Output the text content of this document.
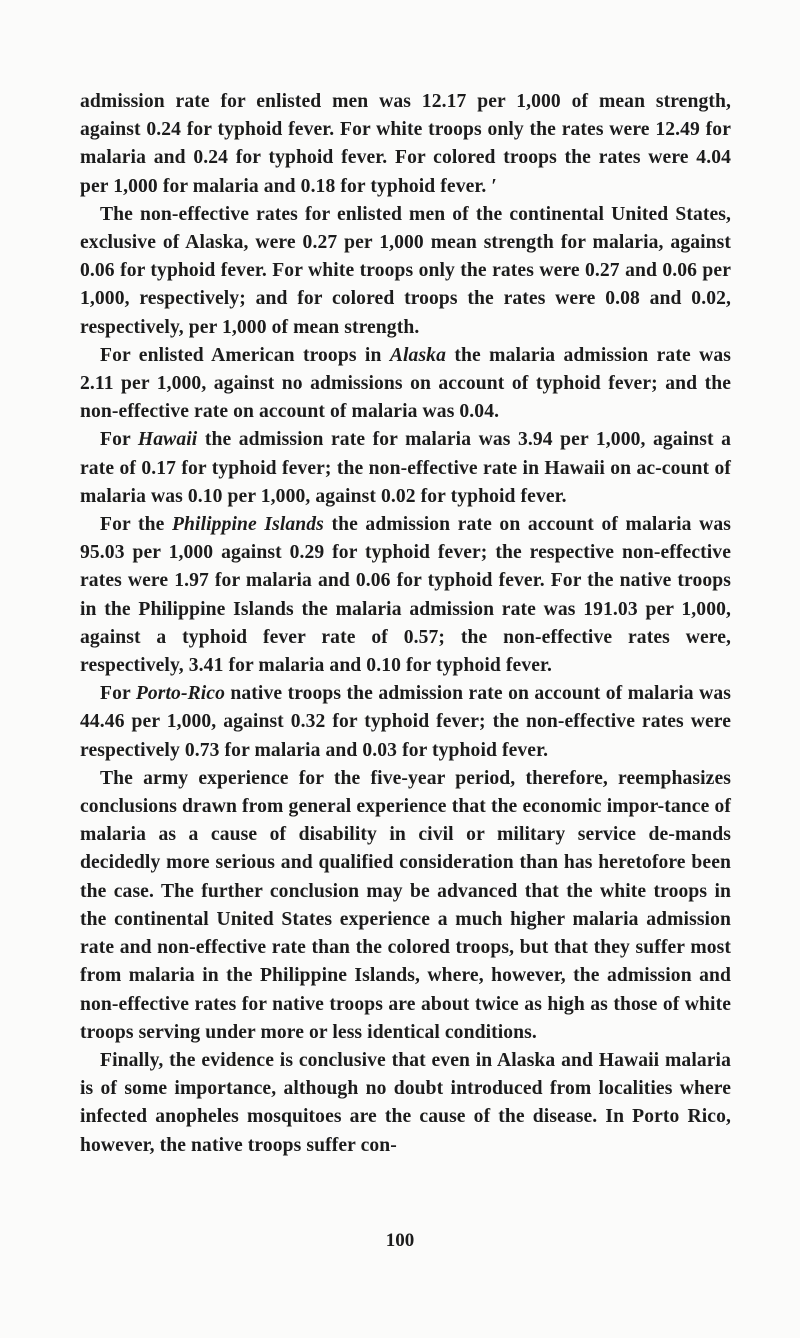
admission rate for enlisted men was 12.17 per 1,000 of mean strength, against 0.24 for typhoid fever. For white troops only the rates were 12.49 for malaria and 0.24 for typhoid fever. For colored troops the rates were 4.04 per 1,000 for malaria and 0.18 for typhoid fever. ′

The non-effective rates for enlisted men of the continental United States, exclusive of Alaska, were 0.27 per 1,000 mean strength for malaria, against 0.06 for typhoid fever. For white troops only the rates were 0.27 and 0.06 per 1,000, respectively; and for colored troops the rates were 0.08 and 0.02, respectively, per 1,000 of mean strength.

For enlisted American troops in Alaska the malaria admission rate was 2.11 per 1,000, against no admissions on account of typhoid fever; and the non-effective rate on account of malaria was 0.04.

For Hawaii the admission rate for malaria was 3.94 per 1,000, against a rate of 0.17 for typhoid fever; the non-effective rate in Hawaii on ac-count of malaria was 0.10 per 1,000, against 0.02 for typhoid fever.

For the Philippine Islands the admission rate on account of malaria was 95.03 per 1,000 against 0.29 for typhoid fever; the respective non-effective rates were 1.97 for malaria and 0.06 for typhoid fever. For the native troops in the Philippine Islands the malaria admission rate was 191.03 per 1,000, against a typhoid fever rate of 0.57; the non-effective rates were, respectively, 3.41 for malaria and 0.10 for typhoid fever.

For Porto-Rico native troops the admission rate on account of malaria was 44.46 per 1,000, against 0.32 for typhoid fever; the non-effective rates were respectively 0.73 for malaria and 0.03 for typhoid fever.

The army experience for the five-year period, therefore, reemphasizes conclusions drawn from general experience that the economic impor-tance of malaria as a cause of disability in civil or military service de-mands decidedly more serious and qualified consideration than has heretofore been the case. The further conclusion may be advanced that the white troops in the continental United States experience a much higher malaria admission rate and non-effective rate than the colored troops, but that they suffer most from malaria in the Philippine Islands, where, however, the admission and non-effective rates for native troops are about twice as high as those of white troops serving under more or less identical conditions.

Finally, the evidence is conclusive that even in Alaska and Hawaii malaria is of some importance, although no doubt introduced from localities where infected anopheles mosquitoes are the cause of the disease. In Porto Rico, however, the native troops suffer con-

100
